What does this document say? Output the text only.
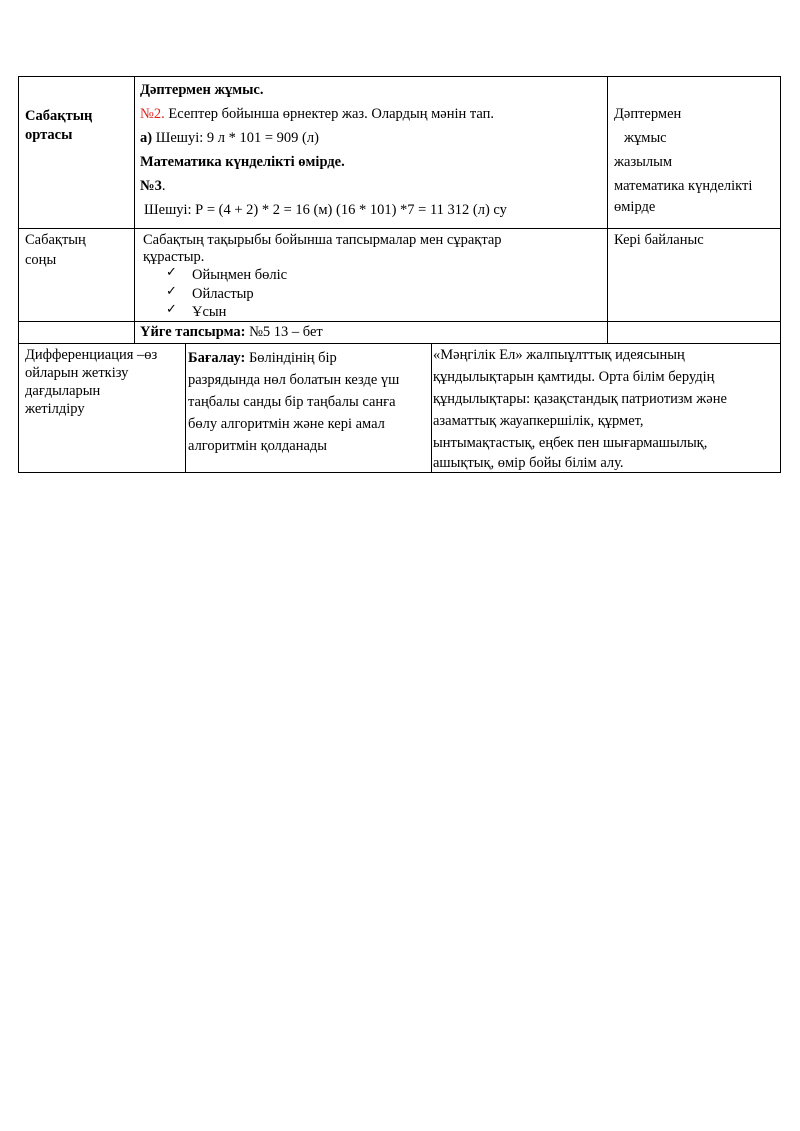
Сабақтың
ортасы
Дәптермен жұмыс.
№2. Есептер бойынша өрнектер жаз. Олардың мәнін тап.
а) Шешуі: 9 л * 101 = 909 (л)
Математика күнделікті өмірде.
№3.
Шешуі: Р = (4 + 2) * 2 = 16 (м) (16 * 101) *7 = 11 312 (л) су
Дәптермен
жұмыс
жазылым
математика күнделікті
өмірде
Сабақтың
соңы
Сабақтың тақырыбы бойынша тапсырмалар мен сұрақтар
құрастыр.
✓ Ойыңмен бөліс
✓ Ойластыр
✓ Ұсын
Кері байланыс
Үйге тапсырма: №5 13 – бет
Дифференциация –өз
ойларын жеткізу
дағдыларын
жетілдіру
Бағалау: Бөліндінің бір
разрядында нөл болатын кезде үш
таңбалы санды бір таңбалы санға
бөлу алгоритмін және кері амал
алгоритмін қолданады
«Мәңгілік Ел» жалпыұлттық идеясының
құндылықтарын қамтиды. Орта білім берудің
құндылықтары: қазақстандық патриотизм және
азаматтық жауапкершілік, құрмет,
ынтымақтастық, еңбек пен шығармашылық,
ашықтық, өмір бойы білім алу.
